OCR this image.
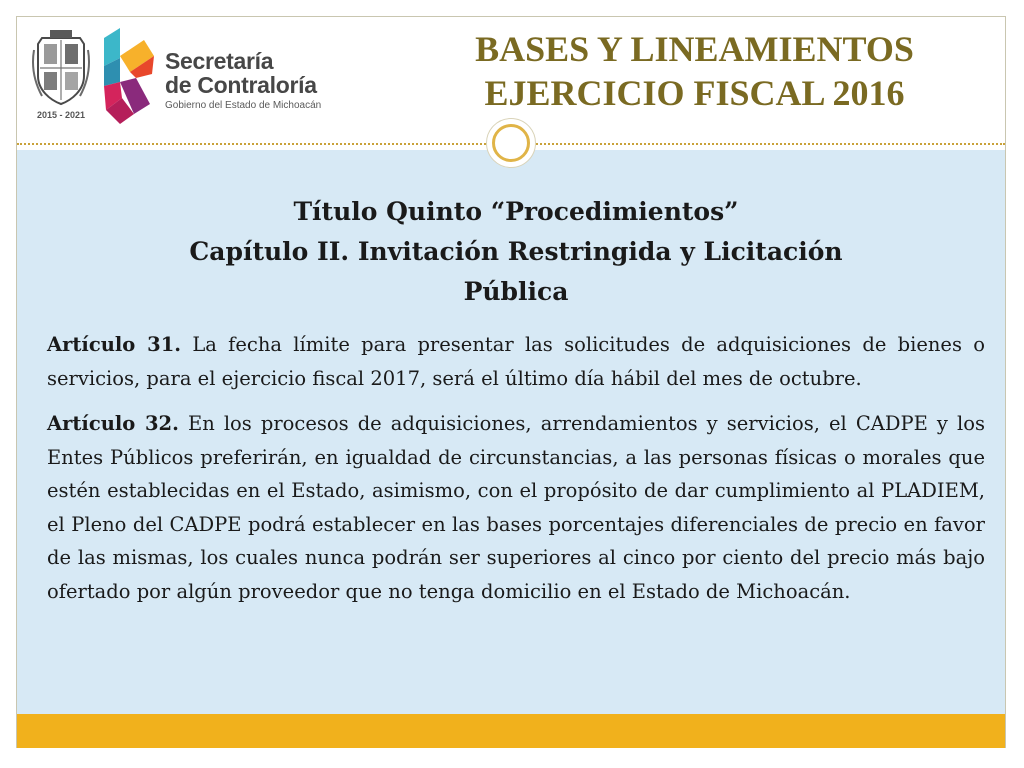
2015 - 2021
Secretaría
de Contraloría
Gobierno del Estado de Michoacán
BASES Y LINEAMIENTOS
EJERCICIO FISCAL 2016
Título Quinto “Procedimientos”
Capítulo II. Invitación Restringida y Licitación
Pública

Artículo 31. La fecha límite para presentar las solicitudes de adquisiciones de bienes o servicios, para el ejercicio fiscal 2017, será el último día hábil del mes de octubre.

Artículo 32. En los procesos de adquisiciones, arrendamientos y servicios, el CADPE y los Entes Públicos preferirán, en igualdad de circunstancias, a las personas físicas o morales que estén establecidas en el Estado, asimismo, con el propósito de dar cumplimiento al PLADIEM, el Pleno del CADPE podrá establecer en las bases porcentajes diferenciales de precio en favor de las mismas, los cuales nunca podrán ser superiores al cinco por ciento del precio más bajo ofertado por algún proveedor que no tenga domicilio en el Estado de Michoacán.
